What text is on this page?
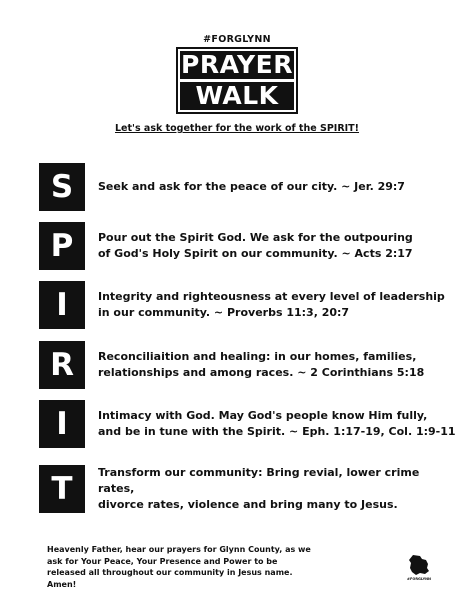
#FORGLYNN
PRAYER
WALK
Let's ask together for the work of the SPIRIT!
S	Seek and ask for the peace of our city. ~ Jer. 29:7
P	Pour out the Spirit God. We ask for the outpouring
of God's Holy Spirit on our community. ~ Acts 2:17
I	Integrity and righteousness at every level of leadership
in our community. ~ Proverbs 11:3, 20:7
R	Reconciliaition and healing: in our homes, families,
relationships and among races. ~ 2 Corinthians 5:18
I	Intimacy with God. May God's people know Him fully,
and be in tune with the Spirit. ~ Eph. 1:17-19, Col. 1:9-11
T	Transform our community: Bring revial, lower crime rates,
divorce rates, violence and bring many to Jesus.
Heavenly Father, hear our prayers for Glynn County, as we
ask for Your Peace, Your Presence and Power to be
released all throughout our community in Jesus name.
Amen!
#FORGLYNN
